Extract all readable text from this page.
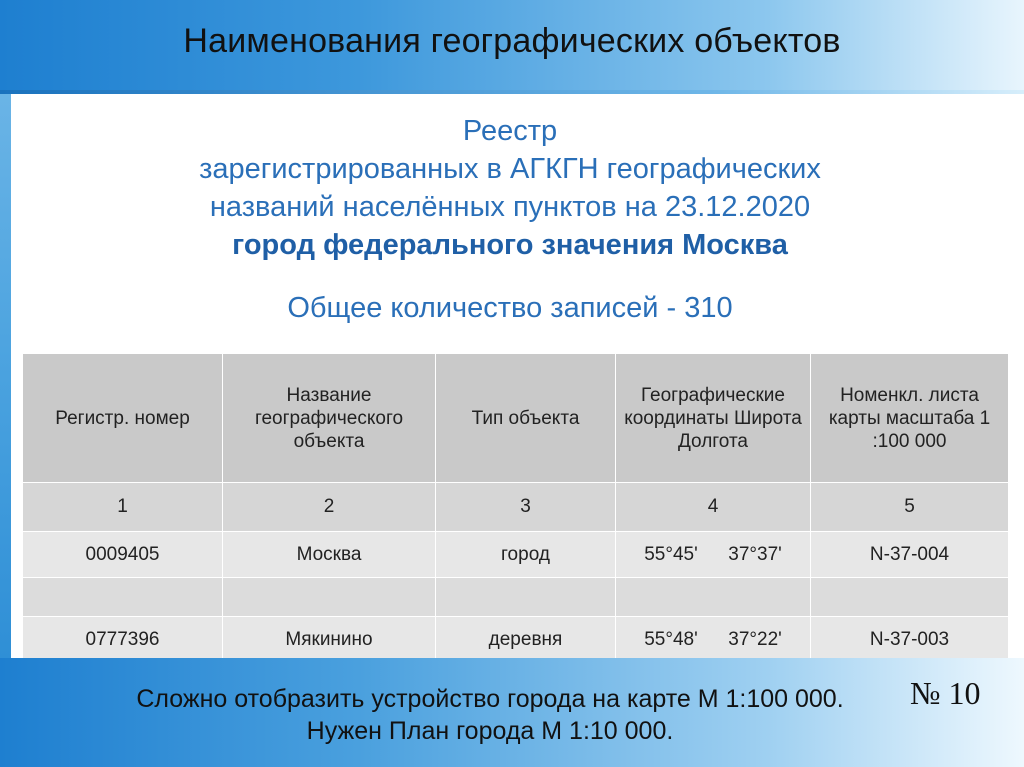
Наименования географических объектов
Реестр
зарегистрированных в АГКГН географических
названий населённых пунктов на 23.12.2020
город федерального значения Москва
Общее количество записей - 310
Регистр. номер	Название географического объекта	Тип объекта	Географические координаты Широта Долгота	Номенкл. листа карты масштаба 1 :100 000
1	2	3	4	5
0009405	Москва	город	55°45'  37°37'	N-37-004

0777396	Мякинино	деревня	55°48'  37°22'	N-37-003
Сложно отобразить устройство города на карте М 1:100 000.
Нужен План города М 1:10 000.
№ 10
